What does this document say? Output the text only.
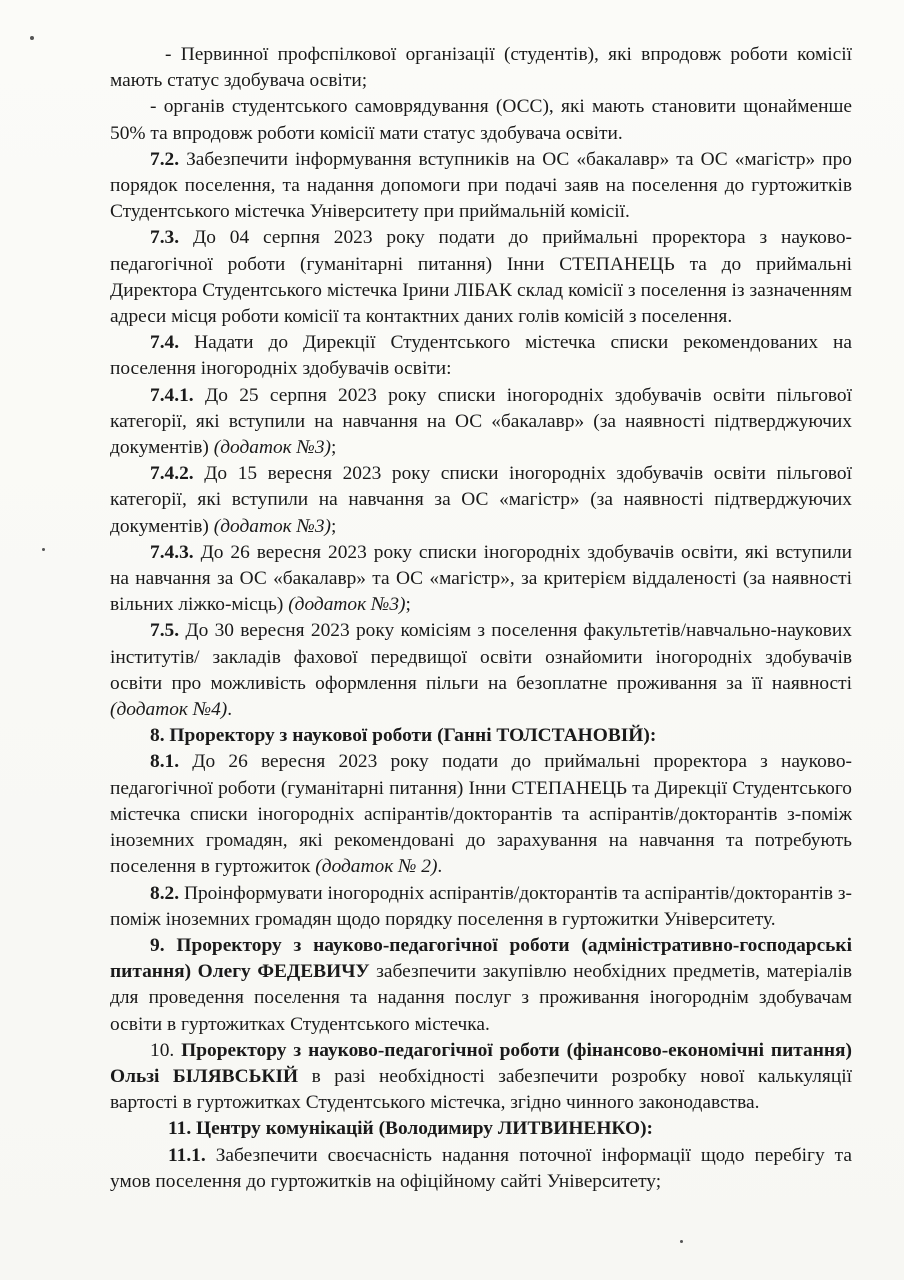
- Первинної профспілкової організації (студентів), які впродовж роботи комісії мають статус здобувача освіти;

- органів студентського самоврядування (ОСС), які мають становити щонайменше 50% та впродовж роботи комісії мати статус здобувача освіти.

7.2. Забезпечити інформування вступників на ОС «бакалавр» та ОС «магістр» про порядок поселення, та надання допомоги при подачі заяв на поселення до гуртожитків Студентського містечка Університету при приймальній комісії.

7.3. До 04 серпня 2023 року подати до приймальні проректора з науково-педагогічної роботи (гуманітарні питання) Інни СТЕПАНЕЦЬ та до приймальні Директора Студентського містечка Ірини ЛІБАК склад комісії з поселення із зазначенням адреси місця роботи комісії та контактних даних голів комісій з поселення.

7.4. Надати до Дирекції Студентського містечка списки рекомендованих на поселення іногородніх здобувачів освіти:

7.4.1. До 25 серпня 2023 року списки іногородніх здобувачів освіти пільгової категорії, які вступили на навчання на ОС «бакалавр» (за наявності підтверджуючих документів) (додаток №3);

7.4.2. До 15 вересня 2023 року списки іногородніх здобувачів освіти пільгової категорії, які вступили на навчання за ОС «магістр» (за наявності підтверджуючих документів) (додаток №3);

7.4.3. До 26 вересня 2023 року списки іногородніх здобувачів освіти, які вступили на навчання за ОС «бакалавр» та ОС «магістр», за критерієм віддаленості (за наявності вільних ліжко-місць) (додаток №3);

7.5. До 30 вересня 2023 року комісіям з поселення факультетів/навчально-наукових інститутів/ закладів фахової передвищої освіти ознайомити іногородніх здобувачів освіти про можливість оформлення пільги на безоплатне проживання за її наявності (додаток №4).

8. Проректору з наукової роботи (Ганні ТОЛСТАНОВІЙ):

8.1. До 26 вересня 2023 року подати до приймальні проректора з науково-педагогічної роботи (гуманітарні питання) Інни СТЕПАНЕЦЬ та Дирекції Студентського містечка списки іногородніх аспірантів/докторантів та аспірантів/докторантів з-поміж іноземних громадян, які рекомендовані до зарахування на навчання та потребують поселення в гуртожиток (додаток № 2).

8.2. Проінформувати іногородніх аспірантів/докторантів та аспірантів/докторантів з-поміж іноземних громадян щодо порядку поселення в гуртожитки Університету.

9. Проректору з науково-педагогічної роботи (адміністративно-господарські питання) Олегу ФЕДЕВИЧУ забезпечити закупівлю необхідних предметів, матеріалів для проведення поселення та надання послуг з проживання іногороднім здобувачам освіти в гуртожитках Студентського містечка.

10. Проректору з науково-педагогічної роботи (фінансово-економічні питання) Ользі БІЛЯВСЬКІЙ в разі необхідності забезпечити розробку нової калькуляції вартості в гуртожитках Студентського містечка, згідно чинного законодавства.

11. Центру комунікацій (Володимиру ЛИТВИНЕНКО):

11.1. Забезпечити своєчасність надання поточної інформації щодо перебігу та умов поселення до гуртожитків на офіційному сайті Університету;
